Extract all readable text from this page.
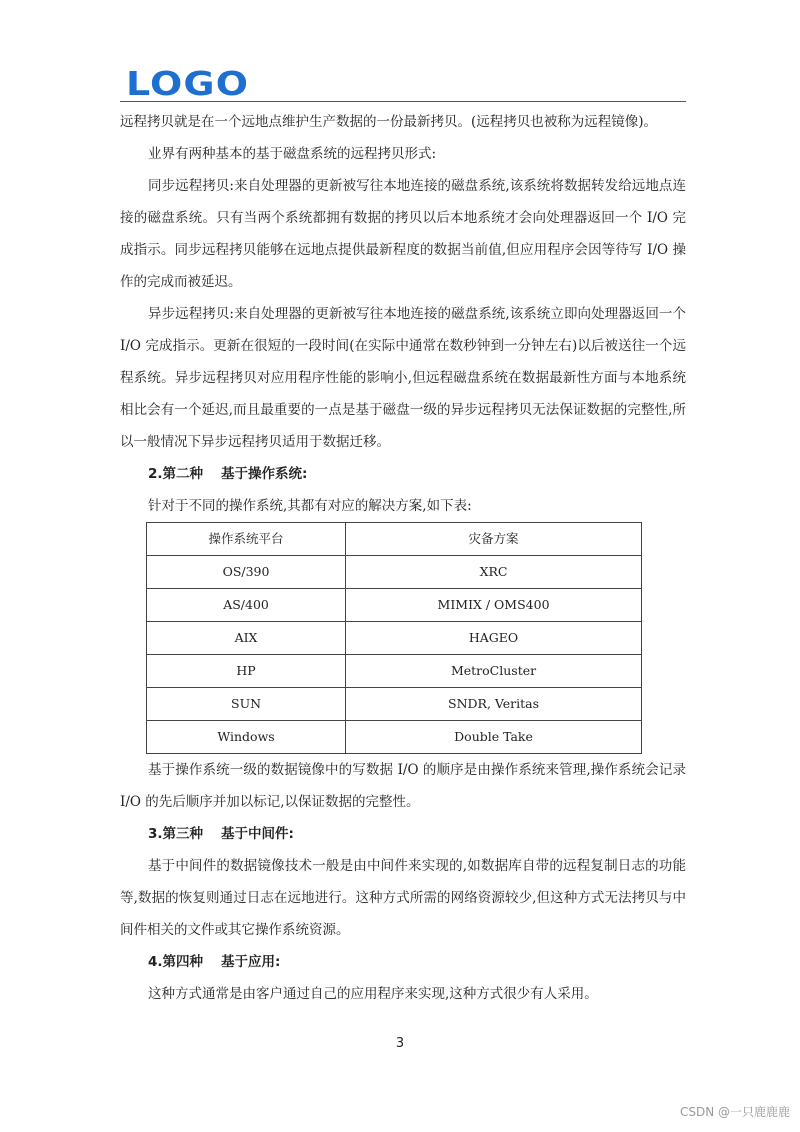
LOGO

远程拷贝就是在一个远地点维护生产数据的一份最新拷贝。(远程拷贝也被称为远程镜像)。

业界有两种基本的基于磁盘系统的远程拷贝形式:

同步远程拷贝:来自处理器的更新被写往本地连接的磁盘系统,该系统将数据转发给远地点连接的磁盘系统。只有当两个系统都拥有数据的拷贝以后本地系统才会向处理器返回一个 I/O 完成指示。同步远程拷贝能够在远地点提供最新程度的数据当前值,但应用程序会因等待写 I/O 操作的完成而被延迟。

异步远程拷贝:来自处理器的更新被写往本地连接的磁盘系统,该系统立即向处理器返回一个 I/O 完成指示。更新在很短的一段时间(在实际中通常在数秒钟到一分钟左右)以后被送往一个远程系统。异步远程拷贝对应用程序性能的影响小,但远程磁盘系统在数据最新性方面与本地系统相比会有一个延迟,而且最重要的一点是基于磁盘一级的异步远程拷贝无法保证数据的完整性,所以一般情况下异步远程拷贝适用于数据迁移。

2.第二种 基于操作系统:

针对于不同的操作系统,其都有对应的解决方案,如下表:

操作系统平台	灾备方案
OS/390	XRC
AS/400	MIMIX / OMS400
AIX	HAGEO
HP	MetroCluster
SUN	SNDR, Veritas
Windows	Double Take

基于操作系统一级的数据镜像中的写数据 I/O 的顺序是由操作系统来管理,操作系统会记录 I/O 的先后顺序并加以标记,以保证数据的完整性。

3.第三种 基于中间件:

基于中间件的数据镜像技术一般是由中间件来实现的,如数据库自带的远程复制日志的功能等,数据的恢复则通过日志在远地进行。这种方式所需的网络资源较少,但这种方式无法拷贝与中间件相关的文件或其它操作系统资源。

4.第四种 基于应用:

这种方式通常是由客户通过自己的应用程序来实现,这种方式很少有人采用。

3
CSDN @一只鹿鹿鹿
